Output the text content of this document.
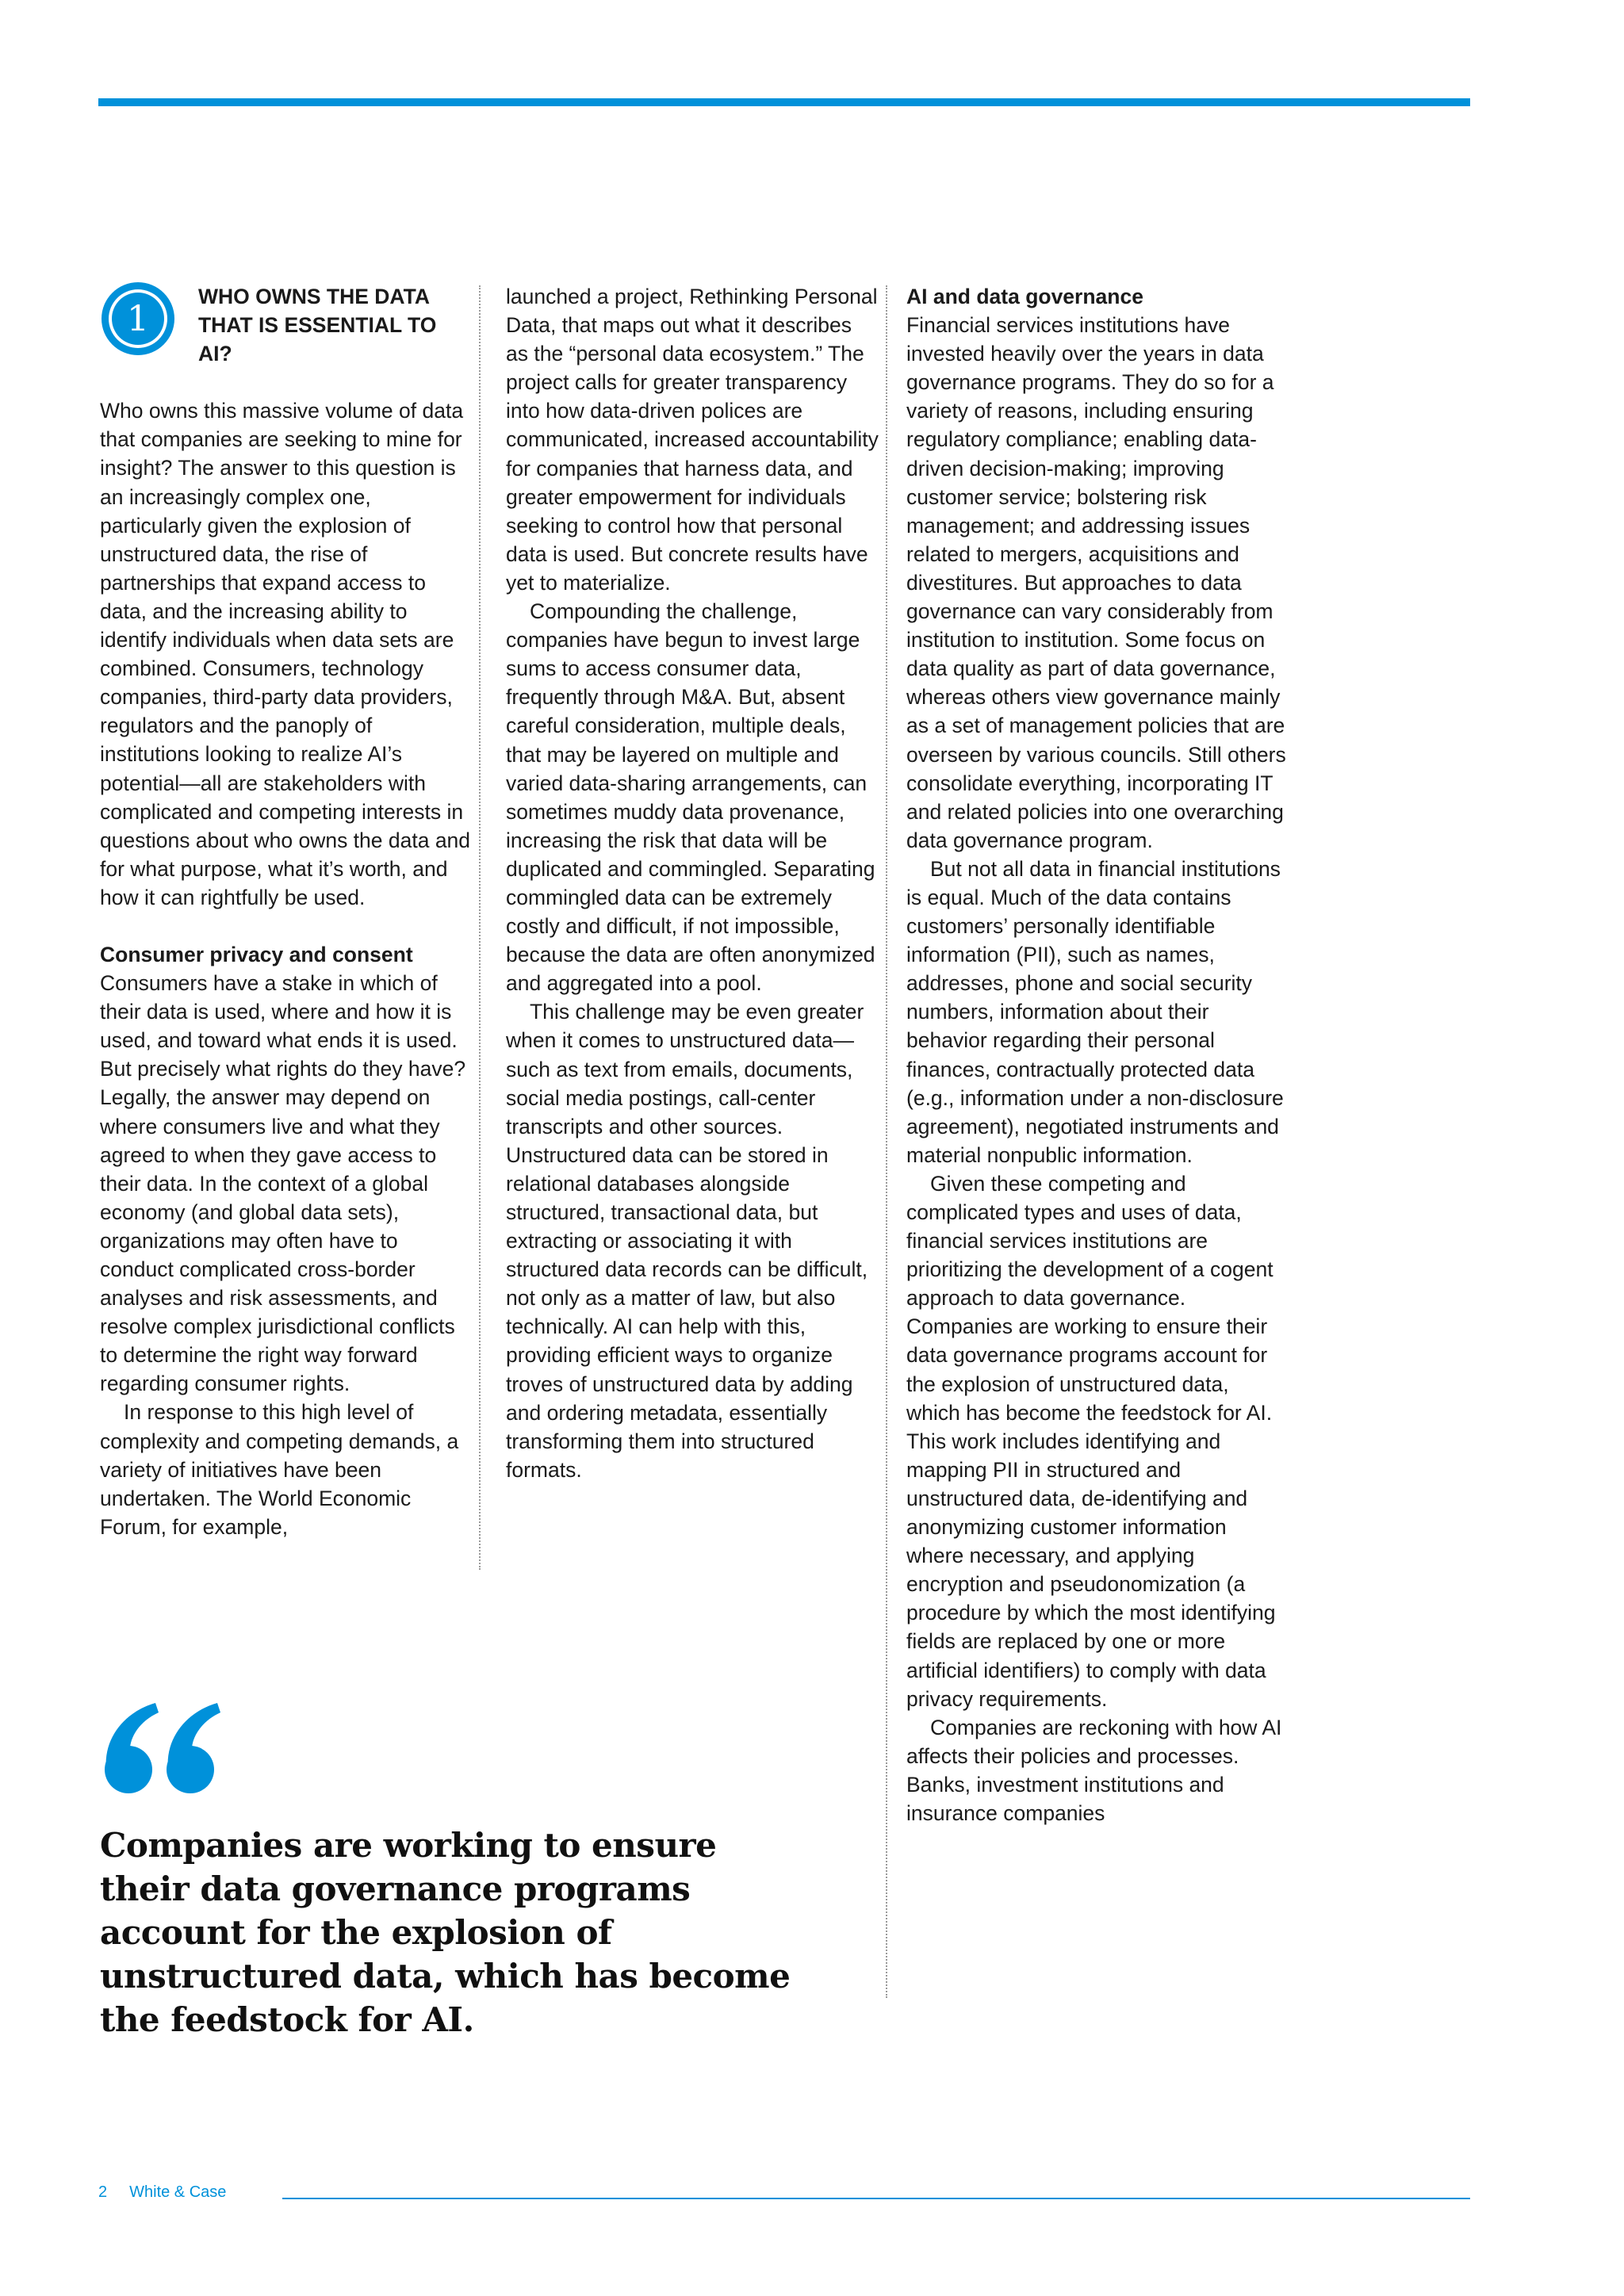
1
WHO OWNS THE DATA THAT IS ESSENTIAL TO AI?

Who owns this massive volume of data that companies are seeking to mine for insight? The answer to this question is an increasingly complex one, particularly given the explosion of unstructured data, the rise of partnerships that expand access to data, and the increasing ability to identify individuals when data sets are combined. Consumers, technology companies, third-party data providers, regulators and the panoply of institutions looking to realize AI’s potential—all are stakeholders with complicated and competing interests in questions about who owns the data and for what purpose, what it’s worth, and how it can rightfully be used.

Consumer privacy and consent

Consumers have a stake in which of their data is used, where and how it is used, and toward what ends it is used. But precisely what rights do they have? Legally, the answer may depend on where consumers live and what they agreed to when they gave access to their data. In the context of a global economy (and global data sets), organizations may often have to conduct complicated cross-border analyses and risk assessments, and resolve complex jurisdictional conflicts to determine the right way forward regarding consumer rights.

In response to this high level of complexity and competing demands, a variety of initiatives have been undertaken. The World Economic Forum, for example,

launched a project, Rethinking Personal Data, that maps out what it describes as the “personal data ecosystem.” The project calls for greater transparency into how data-driven polices are communicated, increased accountability for companies that harness data, and greater empowerment for individuals seeking to control how that personal data is used. But concrete results have yet to materialize.

Compounding the challenge, companies have begun to invest large sums to access consumer data, frequently through M&A. But, absent careful consideration, multiple deals, that may be layered on multiple and varied data-sharing arrangements, can sometimes muddy data provenance, increasing the risk that data will be duplicated and commingled. Separating commingled data can be extremely costly and difficult, if not impossible, because the data are often anonymized and aggregated into a pool.

This challenge may be even greater when it comes to unstructured data—such as text from emails, documents, social media postings, call-center transcripts and other sources. Unstructured data can be stored in relational databases alongside structured, transactional data, but extracting or associating it with structured data records can be difficult, not only as a matter of law, but also technically. AI can help with this, providing efficient ways to organize troves of unstructured data by adding and ordering metadata, essentially transforming them into structured formats.

AI and data governance

Financial services institutions have invested heavily over the years in data governance programs. They do so for a variety of reasons, including ensuring regulatory compliance; enabling data-driven decision-making; improving customer service; bolstering risk management; and addressing issues related to mergers, acquisitions and divestitures. But approaches to data governance can vary considerably from institution to institution. Some focus on data quality as part of data governance, whereas others view governance mainly as a set of management policies that are overseen by various councils. Still others consolidate everything, incorporating IT and related policies into one overarching data governance program.

But not all data in financial institutions is equal. Much of the data contains customers’ personally identifiable information (PII), such as names, addresses, phone and social security numbers, information about their behavior regarding their personal finances, contractually protected data (e.g., information under a non-disclosure agreement), negotiated instruments and material nonpublic information.

Given these competing and complicated types and uses of data, financial services institutions are prioritizing the development of a cogent approach to data governance. Companies are working to ensure their data governance programs account for the explosion of unstructured data, which has become the feedstock for AI. This work includes identifying and mapping PII in structured and unstructured data, de-identifying and anonymizing customer information where necessary, and applying encryption and pseudonomization (a procedure by which the most identifying fields are replaced by one or more artificial identifiers) to comply with data privacy requirements.

Companies are reckoning with how AI affects their policies and processes. Banks, investment institutions and insurance companies

Companies are working to ensure their data governance programs account for the explosion of unstructured data, which has become the feedstock for AI.
2 White & Case
